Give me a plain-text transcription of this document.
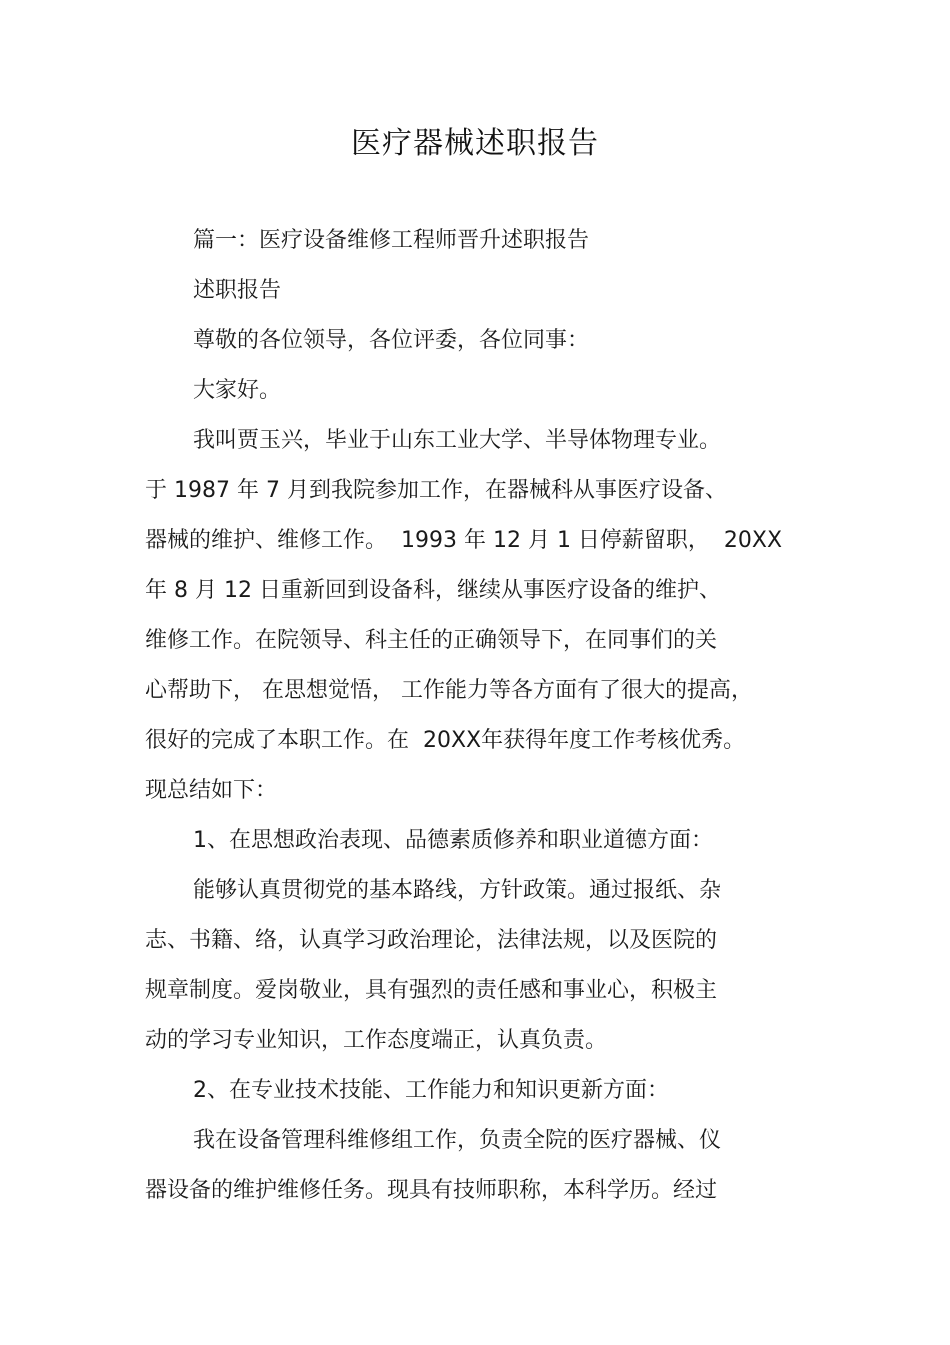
医疗器械述职报告
篇一：医疗设备维修工程师晋升述职报告
述职报告
尊敬的各位领导，各位评委，各位同事：
大家好。
我叫贾玉兴，毕业于山东工业大学、半导体物理专业。
于 1987 年 7 月到我院参加工作，在器械科从事医疗设备、
器械的维护、维修工作。  1993 年 12 月 1 日停薪留职，  20XX
年 8 月 12 日重新回到设备科，继续从事医疗设备的维护、
维修工作。在院领导、科主任的正确领导下，在同事们的关
心帮助下， 在思想觉悟， 工作能力等各方面有了很大的提高，
很好的完成了本职工作。在  20XX年获得年度工作考核优秀。
现总结如下：
1、在思想政治表现、品德素质修养和职业道德方面：
能够认真贯彻党的基本路线，方针政策。通过报纸、杂
志、书籍、络，认真学习政治理论，法律法规，以及医院的
规章制度。爱岗敬业，具有强烈的责任感和事业心，积极主
动的学习专业知识，工作态度端正，认真负责。
2、在专业技术技能、工作能力和知识更新方面：
我在设备管理科维修组工作，负责全院的医疗器械、仪
器设备的维护维修任务。现具有技师职称，本科学历。经过
